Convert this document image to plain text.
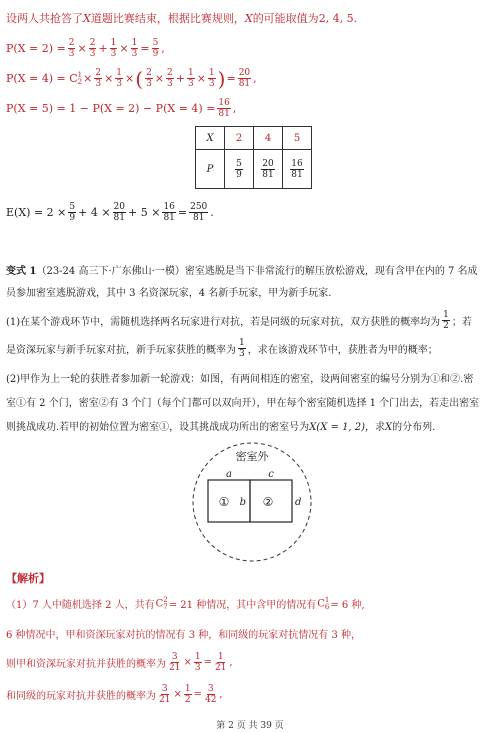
设两人共抢答了X道题比赛结束，根据比赛规则，X的可能取值为2, 4, 5.
$P(X = 2) = \frac{2}{3} \times \frac{2}{3} + \frac{1}{3} \times \frac{1}{3} = \frac{5}{9}$ ,
P(X = 4) = C 1
$2 \times \frac{2}{3} \times \frac{1}{3}$ × ( $\frac{2}{3} \times \frac{2}{3} + \frac{1}{3} \times \frac{1}{3}$ ) = $\frac{20}{81}$ ,
$P(X = 5) = 1 - P(X = 2) - P(X = 4) = \frac{16}{81}$ ,
X	2	4	5
P	$\frac{5}{9}$	$\frac{20}{81}$	$\frac{16}{81}$
$E(X) = 2 \times \frac{5}{9} + 4 \times \frac{20}{81} + 5 \times \frac{16}{81} = \frac{250}{81}$ .
变式 1（23-24 高三下·广东佛山·一模）密室逃脱是当下非常流行的解压放松游戏，现有含甲在内的 7 名成
员参加密室逃脱游戏，其中 3 名资深玩家，4 名新手玩家，甲为新手玩家.
(1)在某个游戏环节中，需随机选择两名玩家进行对抗，若是同级的玩家对抗，双方获胜的概率均为 $\frac{1}{2}$ ；若
是资深玩家与新手玩家对抗，新手玩家获胜的概率为 $\frac{1}{3}$ ，求在该游戏环节中，获胜者为甲的概率；
(2)甲作为上一轮的获胜者参加新一轮游戏：如图，有两间相连的密室，设两间密室的编号分别为①和②.密
室①有 2 个门，密室②有 3 个门（每个门都可以双向开），甲在每个密室随机选择 1 个门出去，若走出密室
则挑战成功.若甲的初始位置为密室①，设其挑战成功所出的密室号为X(X = 1, 2)，求X的分布列.
密室外
a	c
b	d
①	②
【解析】
（1）7 人中随机选择 2 人，共有 C 2
7 = 21 种情况，其中含甲的情况有 C 1
6 = 6 种,
6 种情况中，甲和资深玩家对抗的情况有 3 种，和同级的玩家对抗情况有 3 种，
则甲和资深玩家对抗并获胜的概率为 $\frac{3}{21} \times \frac{1}{3} = \frac{1}{21}$ ,
和同级的玩家对抗并获胜的概率为 $\frac{3}{21} \times \frac{1}{2} = \frac{3}{42}$ ,
第 2 页 共 39 页
